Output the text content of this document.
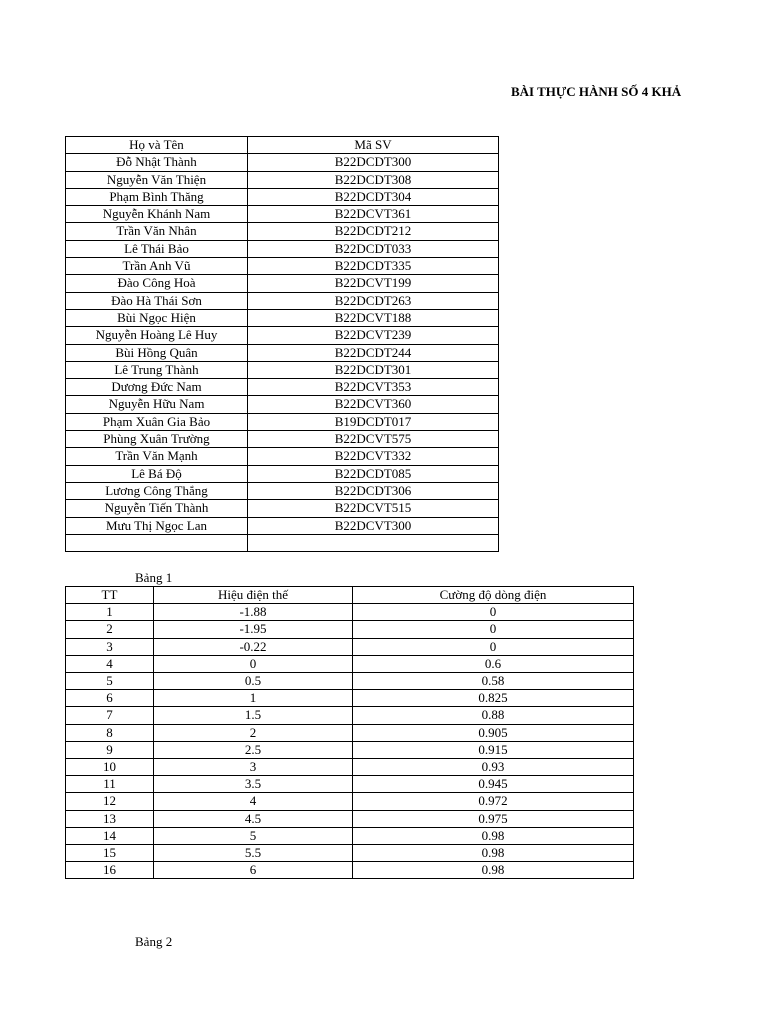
BÀI THỰC HÀNH SỐ 4 KHẢ
Họ và Tên	Mã SV
Đỗ Nhật Thành	B22DCDT300
Nguyễn Văn Thiện	B22DCDT308
Phạm Bình Thăng	B22DCDT304
Nguyễn Khánh Nam	B22DCVT361
Trần Văn Nhân	B22DCDT212
Lê Thái Bảo	B22DCDT033
Trần Anh Vũ	B22DCDT335
Đào Công Hoà	B22DCVT199
Đào Hà Thái Sơn	B22DCDT263
Bùi Ngọc Hiện	B22DCVT188
Nguyễn Hoàng Lê Huy	B22DCVT239
Bùi Hồng Quân	B22DCDT244
Lê Trung Thành	B22DCDT301
Dương Đức Nam	B22DCVT353
Nguyễn Hữu Nam	B22DCVT360
Phạm Xuân Gia Bảo	B19DCDT017
Phùng Xuân Trường	B22DCVT575
Trần Văn Mạnh	B22DCVT332
Lê Bá Độ	B22DCDT085
Lương Công Thắng	B22DCDT306
Nguyễn Tiến Thành	B22DCVT515
Mưu Thị Ngọc Lan	B22DCVT300

Bảng 1
TT	Hiệu điện thế	Cường độ dòng điện
1	-1.88	0
2	-1.95	0
3	-0.22	0
4	0	0.6
5	0.5	0.58
6	1	0.825
7	1.5	0.88
8	2	0.905
9	2.5	0.915
10	3	0.93
11	3.5	0.945
12	4	0.972
13	4.5	0.975
14	5	0.98
15	5.5	0.98
16	6	0.98
Bảng 2
